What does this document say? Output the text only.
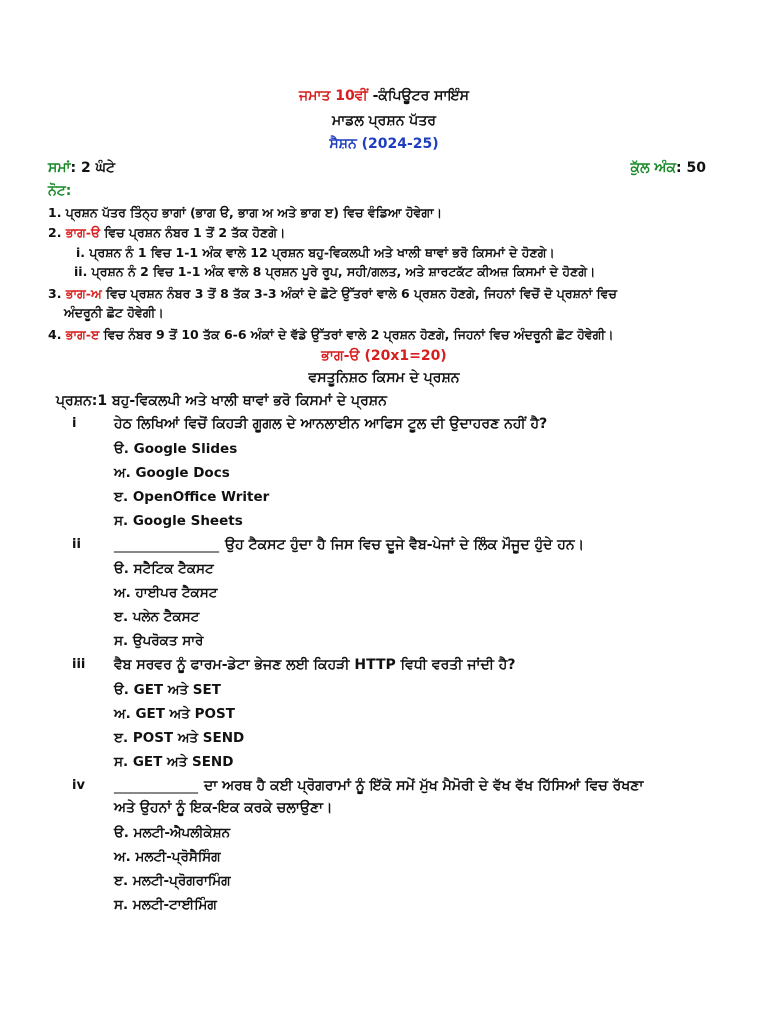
ਜਮਾਤ 10ਵੀਂ -ਕੰਪਿਊਟਰ ਸਾਇੰਸ
ਮਾਡਲ ਪ੍ਰਸ਼ਨ ਪੱਤਰ
ਸੈਸ਼ਨ (2024-25)
ਸਮਾਂ: 2 ਘੰਟੇ	ਕੁੱਲ ਅੰਕ: 50
ਨੋਟ:
1. ਪ੍ਰਸ਼ਨ ਪੱਤਰ ਤਿੰਨ੍ਹ ਭਾਗਾਂ (ਭਾਗ ੳ, ਭਾਗ ਅ ਅਤੇ ਭਾਗ ੲ) ਵਿਚ ਵੰਡਿਆ ਹੋਵੇਗਾ।
2. ਭਾਗ-ੳ ਵਿਚ ਪ੍ਰਸ਼ਨ ਨੰਬਰ 1 ਤੋਂ 2 ਤੱਕ ਹੋਣਗੇ।
i. ਪ੍ਰਸ਼ਨ ਨੰ 1 ਵਿਚ 1-1 ਅੰਕ ਵਾਲੇ 12 ਪ੍ਰਸ਼ਨ ਬਹੁ-ਵਿਕਲਪੀ ਅਤੇ ਖਾਲੀ ਥਾਵਾਂ ਭਰੋ ਕਿਸਮਾਂ ਦੇ ਹੋਣਗੇ।
ii. ਪ੍ਰਸ਼ਨ ਨੰ 2 ਵਿਚ 1-1 ਅੰਕ ਵਾਲੇ 8 ਪ੍ਰਸ਼ਨ ਪੂਰੇ ਰੂਪ, ਸਹੀ/ਗਲਤ, ਅਤੇ ਸ਼ਾਰਟਕੱਟ ਕੀਅਜ਼ ਕਿਸਮਾਂ ਦੇ ਹੋਣਗੇ।
3. ਭਾਗ-ਅ ਵਿਚ ਪ੍ਰਸ਼ਨ ਨੰਬਰ 3 ਤੋਂ 8 ਤੱਕ 3-3 ਅੰਕਾਂ ਦੇ ਛੋਟੇ ਉੱਤਰਾਂ ਵਾਲੇ 6 ਪ੍ਰਸ਼ਨ ਹੋਣਗੇ, ਜਿਹਨਾਂ ਵਿਚੋਂ ਦੋ ਪ੍ਰਸ਼ਨਾਂ ਵਿਚ
ਅੰਦਰੂਨੀ ਛੋਟ ਹੋਵੇਗੀ।
4. ਭਾਗ-ੲ ਵਿਚ ਨੰਬਰ 9 ਤੋਂ 10 ਤੱਕ 6-6 ਅੰਕਾਂ ਦੇ ਵੱਡੇ ਉੱਤਰਾਂ ਵਾਲੇ 2 ਪ੍ਰਸ਼ਨ ਹੋਣਗੇ, ਜਿਹਨਾਂ ਵਿਚ ਅੰਦਰੂਨੀ ਛੋਟ ਹੋਵੇਗੀ।
ਭਾਗ-ੳ (20x1=20)
ਵਸਤੂਨਿਸ਼ਠ ਕਿਸਮ ਦੇ ਪ੍ਰਸ਼ਨ
ਪ੍ਰਸ਼ਨ:1 ਬਹੁ-ਵਿਕਲਪੀ ਅਤੇ ਖਾਲੀ ਥਾਵਾਂ ਭਰੋ ਕਿਸਮਾਂ ਦੇ ਪ੍ਰਸ਼ਨ
i	ਹੇਠ ਲਿਖਿਆਂ ਵਿਚੋਂ ਕਿਹੜੀ ਗੂਗਲ ਦੇ ਆਨਲਾਈਨ ਆਫਿਸ ਟੂਲ ਦੀ ਉਦਾਹਰਣ ਨਹੀਂ ਹੈ?
ੳ. Google Slides
ਅ. Google Docs
ੲ. OpenOffice Writer
ਸ. Google Sheets
ii _______________ ਉਹ ਟੈਕਸਟ ਹੁੰਦਾ ਹੈ ਜਿਸ ਵਿਚ ਦੂਜੇ ਵੈਬ-ਪੇਜਾਂ ਦੇ ਲਿੰਕ ਮੌਜੂਦ ਹੁੰਦੇ ਹਨ।
ੳ. ਸਟੈਟਿਕ ਟੈਕਸਟ
ਅ. ਹਾਈਪਰ ਟੈਕਸਟ
ੲ. ਪਲੇਨ ਟੈਕਸਟ
ਸ. ਉਪਰੋਕਤ ਸਾਰੇ
iii ਵੈਬ ਸਰਵਰ ਨੂੰ ਫਾਰਮ-ਡੇਟਾ ਭੇਜਣ ਲਈ ਕਿਹੜੀ HTTP ਵਿਧੀ ਵਰਤੀ ਜਾਂਦੀ ਹੈ?
ੳ. GET ਅਤੇ SET
ਅ. GET ਅਤੇ POST
ੲ. POST ਅਤੇ SEND
ਸ. GET ਅਤੇ SEND
iv ____________ ਦਾ ਅਰਥ ਹੈ ਕਈ ਪ੍ਰੋਗਰਾਮਾਂ ਨੂੰ ਇੱਕੋ ਸਮੇਂ ਮੁੱਖ ਮੈਮੋਰੀ ਦੇ ਵੱਖ ਵੱਖ ਹਿੱਸਿਆਂ ਵਿਚ ਰੱਖਣਾ
ਅਤੇ ਉਹਨਾਂ ਨੂੰ ਇਕ-ਇਕ ਕਰਕੇ ਚਲਾਉਣਾ।
ੳ. ਮਲਟੀ-ਐਪਲੀਕੇਸ਼ਨ
ਅ. ਮਲਟੀ-ਪ੍ਰੋਸੈਸਿੰਗ
ੲ. ਮਲਟੀ-ਪ੍ਰੋਗਰਾਮਿੰਗ
ਸ. ਮਲਟੀ-ਟਾਈਮਿੰਗ
